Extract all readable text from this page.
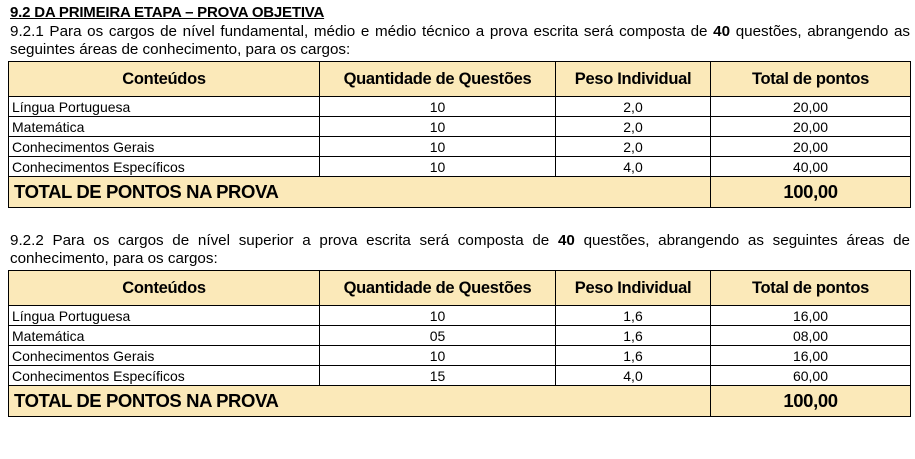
9.2 DA PRIMEIRA ETAPA – PROVA OBJETIVA
9.2.1 Para os cargos de nível fundamental, médio e médio técnico a prova escrita será composta de 40 questões, abrangendo as seguintes áreas de conhecimento, para os cargos:
Conteúdos	Quantidade de Questões	Peso Individual	Total de pontos
Língua Portuguesa	10	2,0	20,00
Matemática	10	2,0	20,00
Conhecimentos Gerais	10	2,0	20,00
Conhecimentos Específicos	10	4,0	40,00
TOTAL DE PONTOS NA PROVA			100,00
9.2.2 Para os cargos de nível superior a prova escrita será composta de 40 questões, abrangendo as seguintes áreas de conhecimento, para os cargos:
Conteúdos	Quantidade de Questões	Peso Individual	Total de pontos
Língua Portuguesa	10	1,6	16,00
Matemática	05	1,6	08,00
Conhecimentos Gerais	10	1,6	16,00
Conhecimentos Específicos	15	4,0	60,00
TOTAL DE PONTOS NA PROVA			100,00
